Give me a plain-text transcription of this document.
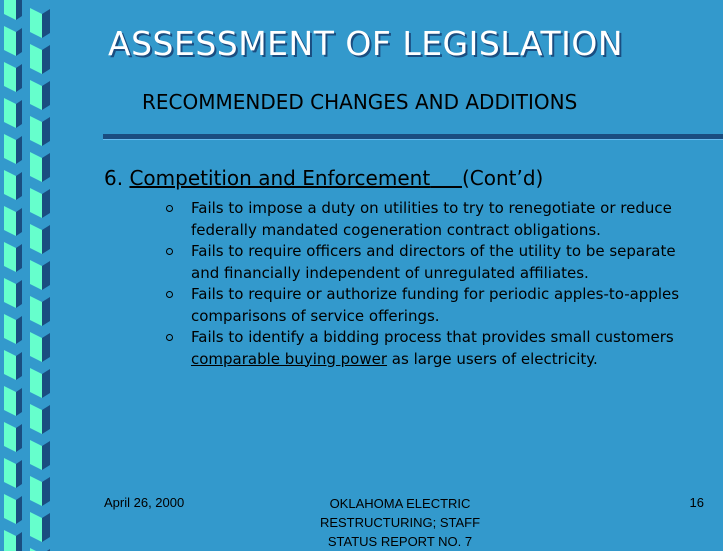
ASSESSMENT OF LEGISLATION
RECOMMENDED CHANGES AND ADDITIONS
6. Competition and Enforcement (Cont’d)
Fails to impose a duty on utilities to try to renegotiate or reduce federally mandated cogeneration contract obligations.
Fails to require officers and directors of the utility to be separate and financially independent of unregulated affiliates.
Fails to require or authorize funding for periodic apples-to-apples comparisons of service offerings.
Fails to identify a bidding process that provides small customers comparable buying power as large users of electricity.
April 26, 2000	OKLAHOMA ELECTRIC RESTRUCTURING; STAFF STATUS REPORT NO. 7
16
